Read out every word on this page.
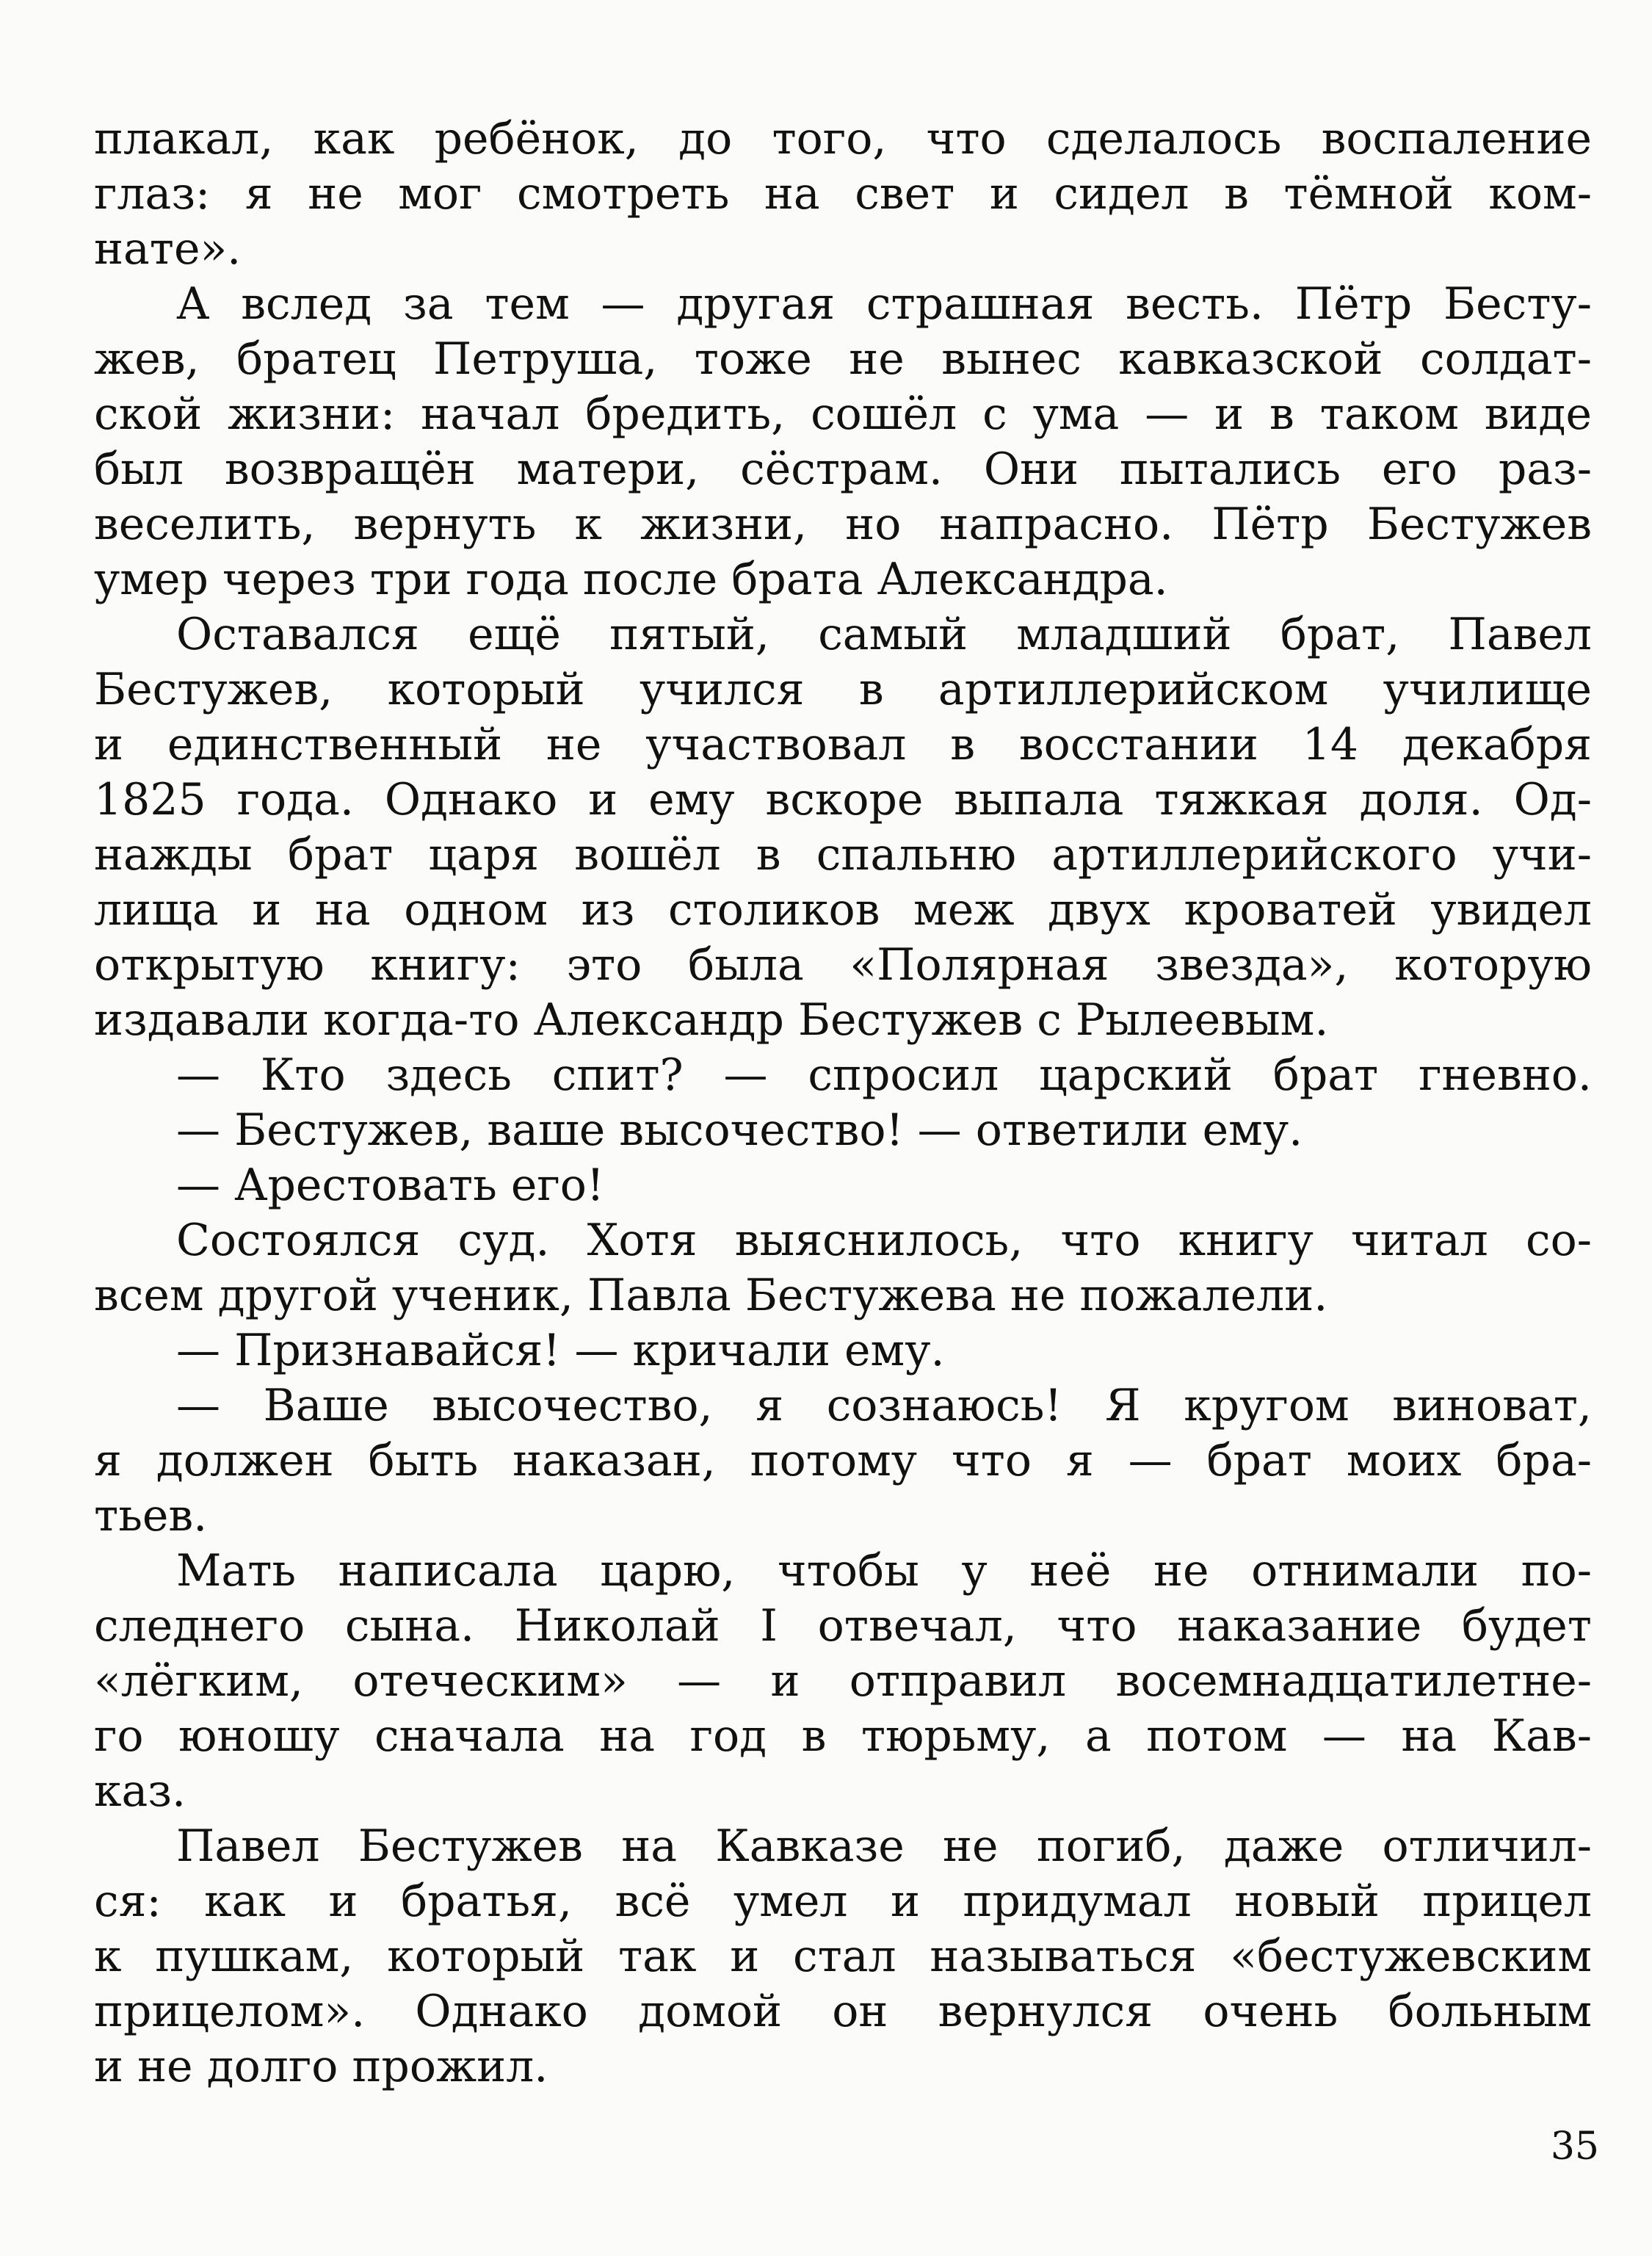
плакал, как ребёнок, до того, что сделалось воспаление
глаз: я не мог смотреть на свет и сидел в тёмной ком-
нате».
А вслед за тем — другая страшная весть. Пётр Бесту-
жев, братец Петруша, тоже не вынес кавказской солдат-
ской жизни: начал бредить, сошёл с ума — и в таком виде
был возвращён матери, сёстрам. Они пытались его раз-
веселить, вернуть к жизни, но напрасно. Пётр Бестужев
умер через три года после брата Александра.
Оставался ещё пятый, самый младший брат, Павел
Бестужев, который учился в артиллерийском училище
и единственный не участвовал в восстании 14 декабря
1825 года. Однако и ему вскоре выпала тяжкая доля. Од-
нажды брат царя вошёл в спальню артиллерийского учи-
лища и на одном из столиков меж двух кроватей увидел
открытую книгу: это была «Полярная звезда», которую
издавали когда-то Александр Бестужев с Рылеевым.
— Кто здесь спит? — спросил царский брат гневно.
— Бестужев, ваше высочество! — ответили ему.
— Арестовать его!
Состоялся суд. Хотя выяснилось, что книгу читал со-
всем другой ученик, Павла Бестужева не пожалели.
— Признавайся! — кричали ему.
— Ваше высочество, я сознаюсь! Я кругом виноват,
я должен быть наказан, потому что я — брат моих бра-
тьев.
Мать написала царю, чтобы у неё не отнимали по-
следнего сына. Николай I отвечал, что наказание будет
«лёгким, отеческим» — и отправил восемнадцатилетне-
го юношу сначала на год в тюрьму, а потом — на Кав-
каз.
Павел Бестужев на Кавказе не погиб, даже отличил-
ся: как и братья, всё умел и придумал новый прицел
к пушкам, который так и стал называться «бестужевским
прицелом». Однако домой он вернулся очень больным
и не долго прожил.
35
